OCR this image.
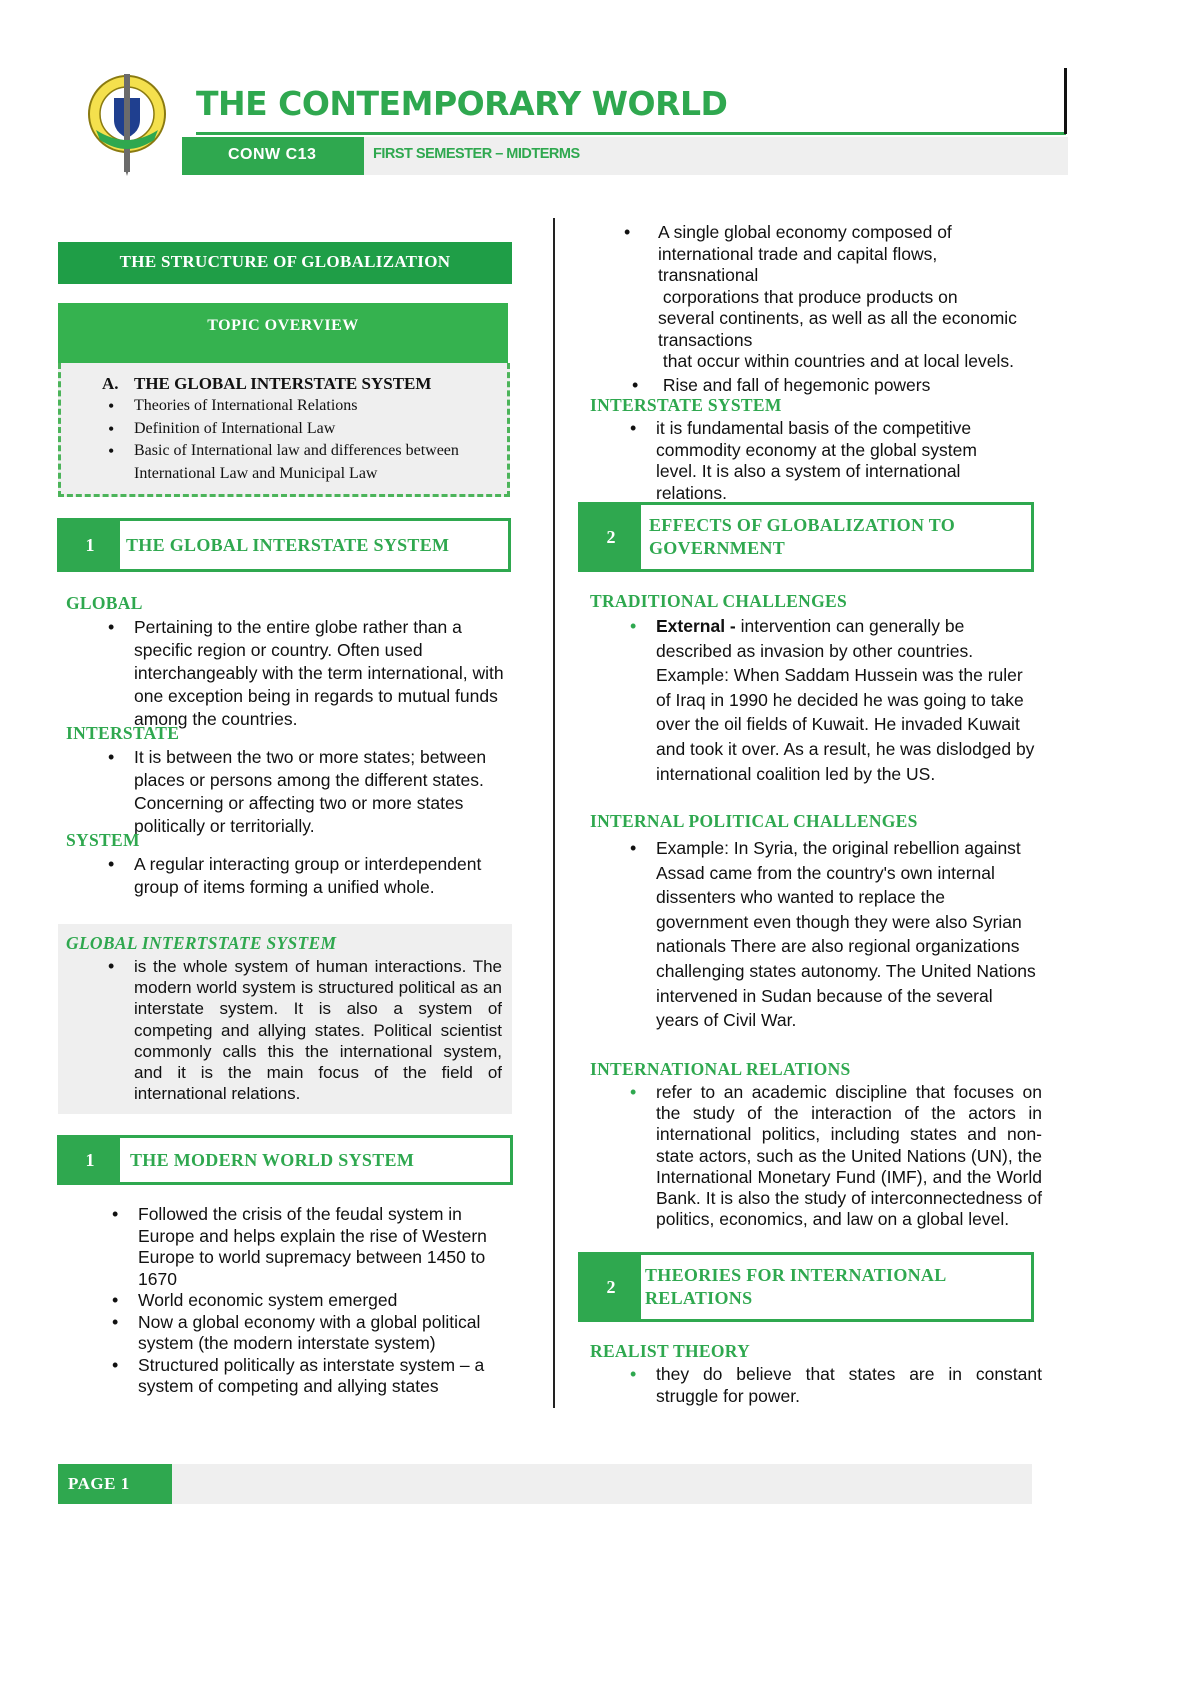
THE CONTEMPORARY WORLD
CONW C13	FIRST SEMESTER – MIDTERMS
THE STRUCTURE OF GLOBALIZATION
TOPIC OVERVIEW
A. THE GLOBAL INTERSTATE SYSTEM
• Theories of International Relations
• Definition of International Law
• Basic of International law and differences between International Law and Municipal Law
1	THE GLOBAL INTERSTATE SYSTEM
GLOBAL
• Pertaining to the entire globe rather than a specific region or country. Often used interchangeably with the term international, with one exception being in regards to mutual funds among the countries.
INTERSTATE
• It is between the two or more states; between places or persons among the different states. Concerning or affecting two or more states politically or territorially.
SYSTEM
• A regular interacting group or interdependent group of items forming a unified whole.
GLOBAL INTERTSTATE SYSTEM
• is the whole system of human interactions. The modern world system is structured political as an interstate system. It is also a system of competing and allying states. Political scientist commonly calls this the international system, and it is the main focus of the field of international relations.
1	THE MODERN WORLD SYSTEM
• Followed the crisis of the feudal system in Europe and helps explain the rise of Western Europe to world supremacy between 1450 to 1670
• World economic system emerged
• Now a global economy with a global political system (the modern interstate system)
• Structured politically as interstate system – a system of competing and allying states
• A single global economy composed of
international trade and capital flows,
transnational
corporations that produce products on
several continents, as well as all the economic
transactions
that occur within countries and at local levels.
•  Rise and fall of hegemonic powers
INTERSTATE SYSTEM
• it is fundamental basis of the competitive commodity economy at the global system level. It is also a system of international relations.
2
EFFECTS OF GLOBALIZATION TO GOVERNMENT
TRADITIONAL CHALLENGES
• External - intervention can generally be described as invasion by other countries. Example: When Saddam Hussein was the ruler of Iraq in 1990 he decided he was going to take over the oil fields of Kuwait. He invaded Kuwait and took it over. As a result, he was dislodged by international coalition led by the US.
INTERNAL POLITICAL CHALLENGES
• Example: In Syria, the original rebellion against Assad came from the country's own internal dissenters who wanted to replace the government even though they were also Syrian nationals There are also regional organizations challenging states autonomy. The United Nations intervened in Sudan because of the several years of Civil War.
INTERNATIONAL RELATIONS
• refer to an academic discipline that focuses on the study of the interaction of the actors in international politics, including states and non-state actors, such as the United Nations (UN), the International Monetary Fund (IMF), and the World Bank. It is also the study of interconnectedness of politics, economics, and law on a global level.
2
THEORIES FOR INTERNATIONAL RELATIONS
REALIST THEORY
• they do believe that states are in constant struggle for power.
PAGE 1
